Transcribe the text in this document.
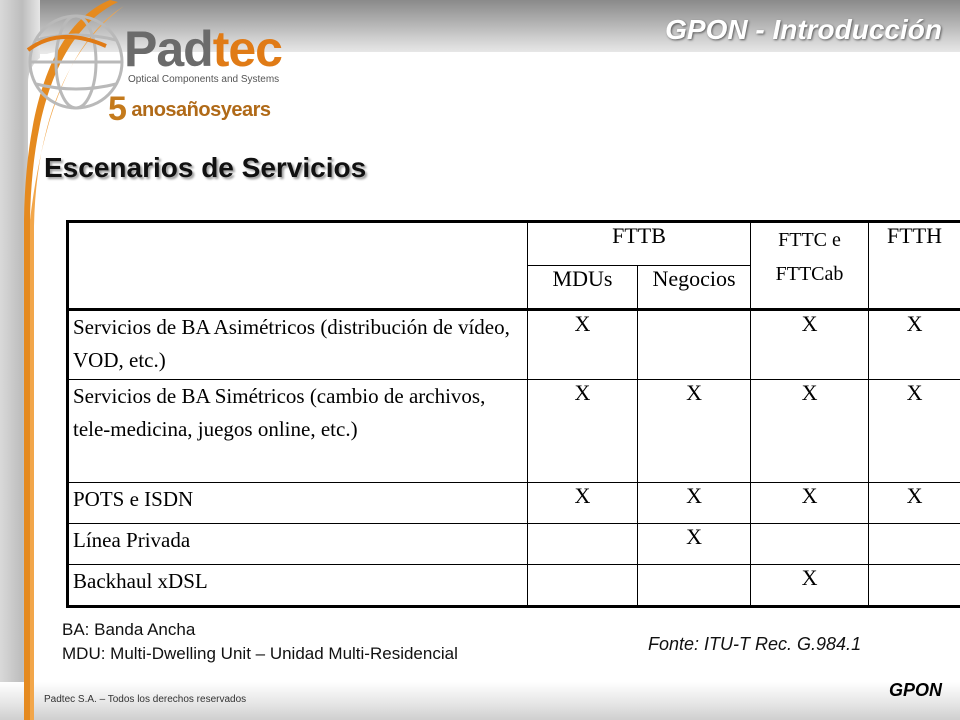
Padtec
Optical Components and Systems
5 anosañosyears
GPON - Introducción
Escenarios de Servicios
	FTTB		FTTC e FTTCab	FTTH
	MDUs	Negocios		
Servicios de BA Asimétricos (distribución de vídeo, VOD, etc.)	X		X	X
Servicios de BA Simétricos (cambio de archivos, tele-medicina, juegos online, etc.)	X	X	X	X
POTS e ISDN	X	X	X	X
Línea Privada		X		
Backhaul xDSL			X	

BA: Banda Ancha

MDU: Multi-Dwelling Unit – Unidad Multi-Residencial	Fonte: ITU-T Rec. G.984.1

Padtec S.A. – Todos los derechos reservados	GPON
